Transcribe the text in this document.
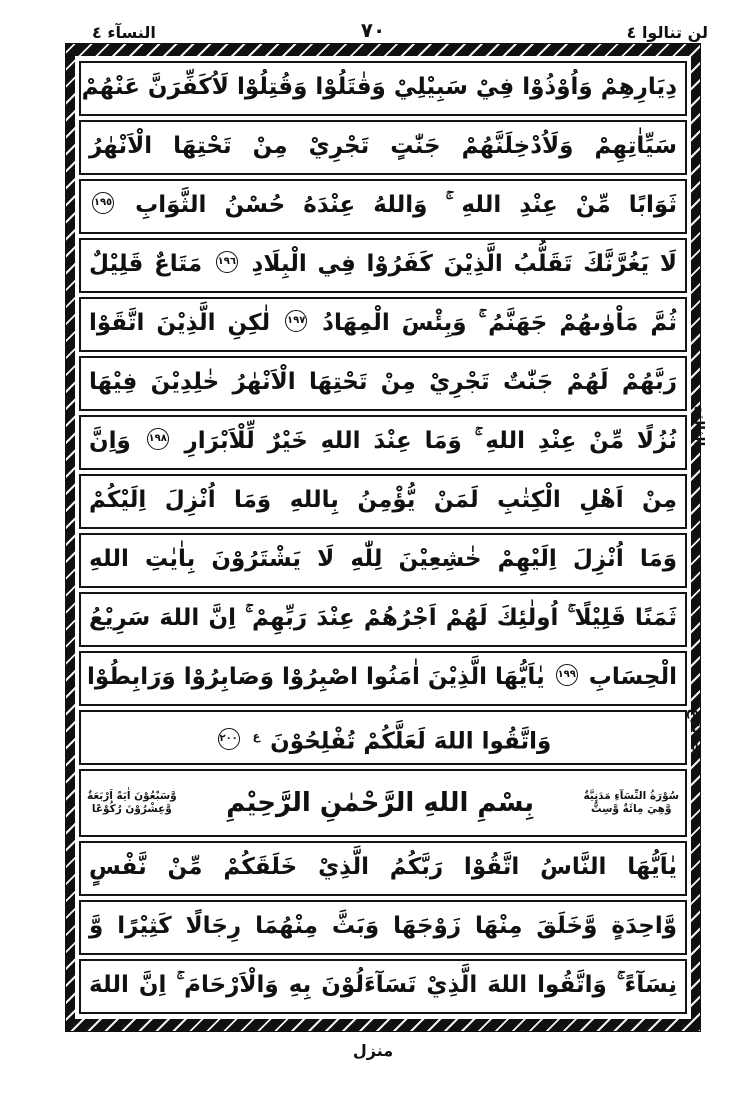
لن تنالوا ٤
٧٠
النسآء ٤
دِيَارِهِمْ وَاُوْذُوْا فِيْ سَبِيْلِيْ وَقٰتَلُوْا وَقُتِلُوْا لَاُكَفِّرَنَّ عَنْهُمْ
سَيِّاٰتِهِمْ وَلَاُدْخِلَنَّهُمْ جَنّٰتٍ تَجْرِيْ مِنْ تَحْتِهَا الْاَنْهٰرُ
ثَوَابًا مِّنْ عِنْدِ اللهِ ۚ وَاللهُ عِنْدَهُ حُسْنُ الثَّوَابِ ١٩٥
لَا يَغُرَّنَّكَ تَقَلُّبُ الَّذِيْنَ كَفَرُوْا فِي الْبِلَادِ ١٩٦ مَتَاعٌ قَلِيْلٌ
ثُمَّ مَاْوٰىهُمْ جَهَنَّمُ ۚ وَبِئْسَ الْمِهَادُ ١٩٧ لٰكِنِ الَّذِيْنَ اتَّقَوْا
رَبَّهُمْ لَهُمْ جَنّٰتٌ تَجْرِيْ مِنْ تَحْتِهَا الْاَنْهٰرُ خٰلِدِيْنَ فِيْهَا
نُزُلًا مِّنْ عِنْدِ اللهِ ۚ وَمَا عِنْدَ اللهِ خَيْرٌ لِّلْاَبْرَارِ ١٩٨ وَاِنَّ
مِنْ اَهْلِ الْكِتٰبِ لَمَنْ يُّؤْمِنُ بِاللهِ وَمَا اُنْزِلَ اِلَيْكُمْ
وَمَا اُنْزِلَ اِلَيْهِمْ خٰشِعِيْنَ لِلّٰهِ لَا يَشْتَرُوْنَ بِاٰيٰتِ اللهِ
ثَمَنًا قَلِيْلًا ۚ اُولٰئِكَ لَهُمْ اَجْرُهُمْ عِنْدَ رَبِّهِمْ ۚ اِنَّ اللهَ سَرِيْعُ
الْحِسَابِ ١٩٩ يٰاَيُّهَا الَّذِيْنَ اٰمَنُوا اصْبِرُوْا وَصَابِرُوْا وَرَابِطُوْا
وَاتَّقُوا اللهَ لَعَلَّكُمْ تُفْلِحُوْنَ $^ع$ ٢٠٠
سُوْرَةُ النِّسَآءِ مَدَنِيَّةٌ
وَّهِيَ مِائَةٌ وَّسِتٌّ
بِسْمِ اللهِ الرَّحْمٰنِ الرَّحِيْمِ
وَّسَبْعُوْنَ اٰيَةً اَرْبَعَةٌ
وَّعِشْرُوْنَ رُكُوْعًا
يٰاَيُّهَا النَّاسُ اتَّقُوْا رَبَّكُمُ الَّذِيْ خَلَقَكُمْ مِّنْ نَّفْسٍ
وَّاحِدَةٍ وَّخَلَقَ مِنْهَا زَوْجَهَا وَبَثَّ مِنْهُمَا رِجَالًا كَثِيْرًا وَّ
نِسَآءً ۚ وَاتَّقُوا اللهَ الَّذِيْ تَسَآءَلُوْنَ بِهِ وَالْاَرْحَامَ ۚ اِنَّ اللهَ
الثالثة
= ٢٠ع
منزل
